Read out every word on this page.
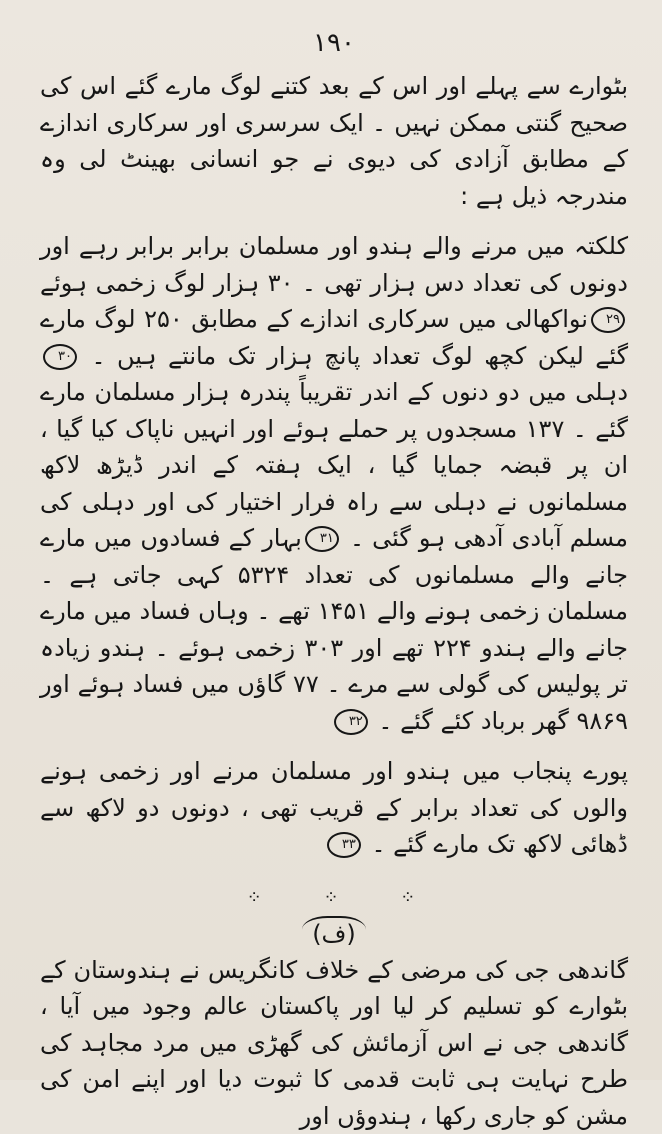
۱۹۰

بٹوارے سے پہلے اور اس کے بعد کتنے لوگ مارے گئے اس کی صحیح گنتی ممکن نہیں ۔ ایک سرسری اور سرکاری اندازے کے مطابق آزادی کی دیوی نے جو انسانی بھینٹ لی وہ مندرجہ ذیل ہے :

کلکتہ میں مرنے والے ہندو اور مسلمان برابر برابر رہے اور دونوں کی تعداد دس ہزار تھی ۔ ۳۰ ہزار لوگ زخمی ہوئے ۲۹نواکھالی میں سرکاری اندازے کے مطابق ۲۵۰ لوگ مارے گئے لیکن کچھ لوگ تعداد پانچ ہزار تک مانتے ہیں ۔ ۳۰دہلی میں دو دنوں کے اندر تقریباً پندرہ ہزار مسلمان مارے گئے ۔ ۱۳۷ مسجدوں پر حملے ہوئے اور انہیں ناپاک کیا گیا ، ان پر قبضہ جمایا گیا ، ایک ہفتہ کے اندر ڈیڑھ لاکھ مسلمانوں نے دہلی سے راہ فرار اختیار کی اور دہلی کی مسلم آبادی آدھی ہو گئی ۔ ۳۱بہار کے فسادوں میں مارے جانے والے مسلمانوں کی تعداد ۵۳۲۴ کہی جاتی ہے ۔ مسلمان زخمی ہونے والے ۱۴۵۱ تھے ۔ وہاں فساد میں مارے جانے والے ہندو ۲۲۴ تھے اور ۳۰۳ زخمی ہوئے ۔ ہندو زیادہ تر پولیس کی گولی سے مرے ۔ ۷۷ گاؤں میں فساد ہوئے اور ۹۸۶۹ گھر برباد کئے گئے ۔ ۳۲

پورے پنجاب میں ہندو اور مسلمان مرنے اور زخمی ہونے والوں کی تعداد برابر کے قریب تھی ، دونوں دو لاکھ سے ڈھائی لاکھ تک مارے گئے ۔ ۳۳

⁘	⁘	⁘
(ف)

گاندھی جی کی مرضی کے خلاف کانگریس نے ہندوستان کے بٹوارے کو تسلیم کر لیا اور پاکستان عالم وجود میں آیا ، گاندھی جی نے اس آزمائش کی گھڑی میں مرد مجاہد کی طرح نہایت ہی ثابت قدمی کا ثبوت دیا اور اپنے امن کی مشن کو جاری رکھا ، ہندوؤں اور
